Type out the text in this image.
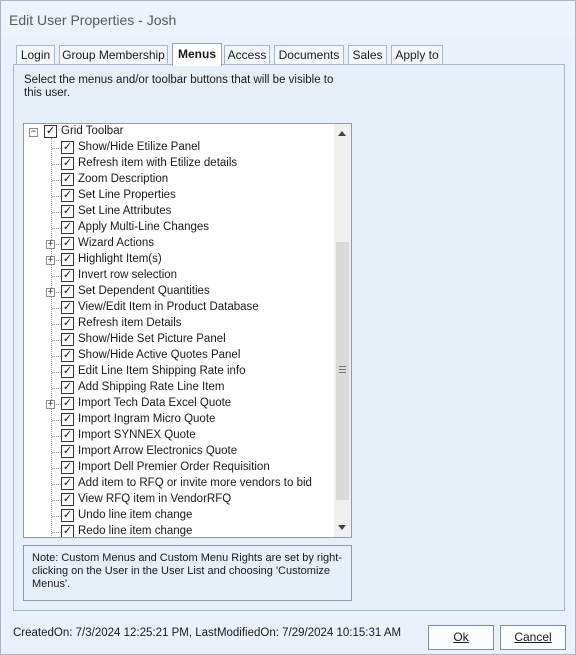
Edit User Properties - Josh
Login Group Membership	Menus Access	Documents	Sales	Apply to
Select the menus and/or toolbar buttons that will be visible to this user.
− ✓ Grid Toolbar
✓ Show/Hide Etilize Panel
✓ Refresh item with Etilize details
✓ Zoom Description
✓ Set Line Properties
✓ Set Line Attributes
✓ Apply Multi-Line Changes
+ ✓ Wizard Actions
+ ✓ Highlight Item(s)
✓ Invert row selection
+ ✓ Set Dependent Quantities
✓ View/Edit Item in Product Database
✓ Refresh item Details
✓ Show/Hide Set Picture Panel
✓ Show/Hide Active Quotes Panel
✓ Edit Line Item Shipping Rate info
✓ Add Shipping Rate Line Item
+ ✓ Import Tech Data Excel Quote
✓ Import Ingram Micro Quote
✓ Import SYNNEX Quote
✓ Import Arrow Electronics Quote
✓ Import Dell Premier Order Requisition
✓ Add item to RFQ or invite more vendors to bid
✓ View RFQ item in VendorRFQ
✓ Undo line item change
✓ Redo line item change
Note: Custom Menus and Custom Menu Rights are set by right-clicking on the User in the User List and choosing 'Customize Menus'.
CreatedOn: 7/3/2024 12:25:21 PM, LastModifiedOn: 7/29/2024 10:15:31 AM	Ok	Cancel
